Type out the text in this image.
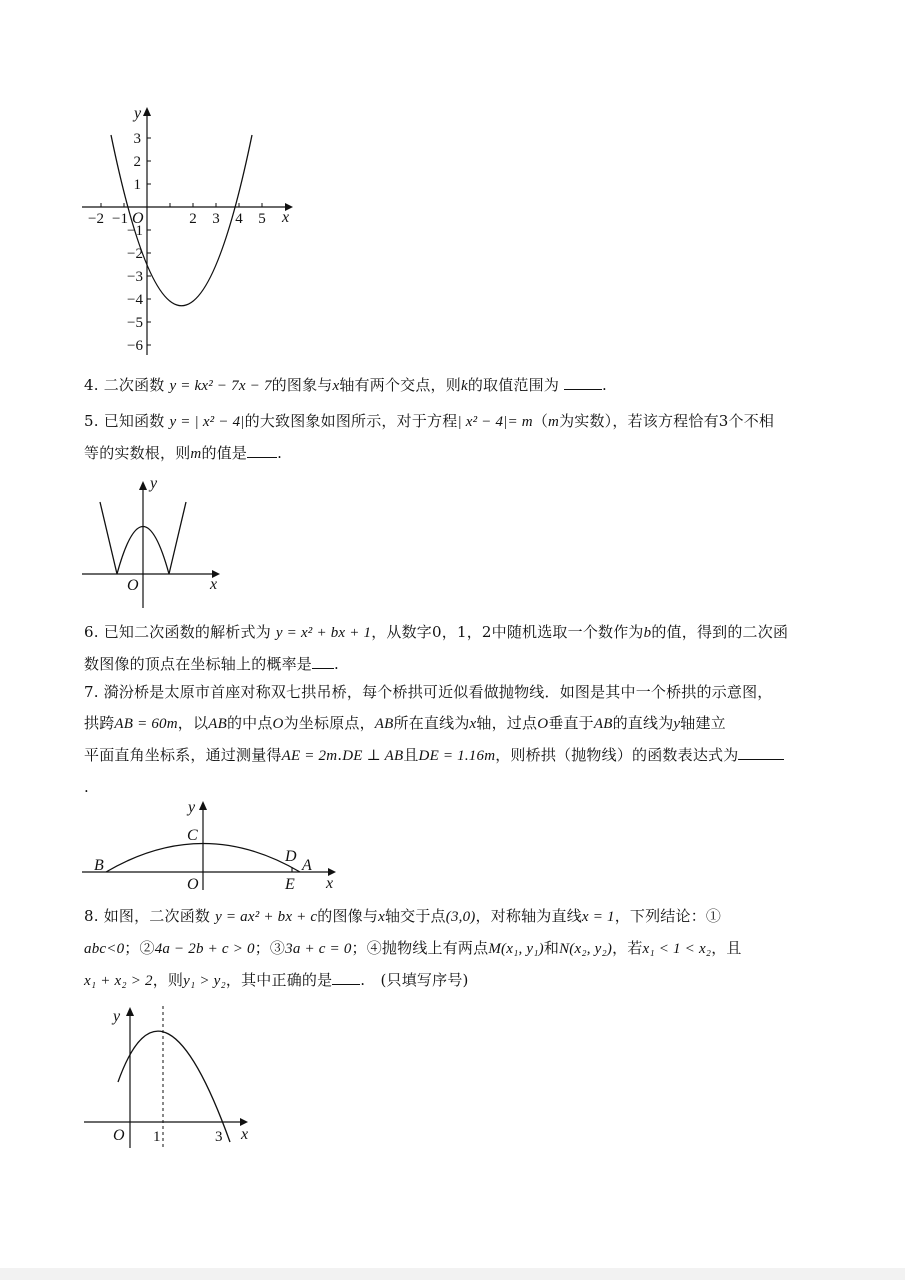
−2 −1 O	2 3 4 5 x
y
3
2
1
−1
−2
−3
−4
−5
−6
4. 二次函数 y = kx² − 7x − 7的图象与x轴有两个交点，则k的取值范围为	.
5. 已知函数 y = | x² − 4|的大致图象如图所示，对于方程| x² − 4|= m（m为实数），若该方程恰有3个不相
等的实数根，则m的值是 .
y
x
O
6. 已知二次函数的解析式为 y = x² + bx + 1，从数字0，1，2中随机选取一个数作为b的值，得到的二次函
数图像的顶点在坐标轴上的概率是 .
7. 漪汾桥是太原市首座对称双七拱吊桥，每个桥拱可近似看做抛物线．如图是其中一个桥拱的示意图，
拱跨AB = 60m，以AB的中点O为坐标原点，AB所在直线为x轴，过点O垂直于AB的直线为y轴建立
平面直角坐标系，通过测量得AE = 2m.DE ⊥ AB且DE = 1.16m，则桥拱（抛物线）的函数表达式为
.
y
x
C
B
D
A
E
O
8. 如图，二次函数 y = ax² + bx + c的图像与x轴交于点(3,0)，对称轴为直线x = 1，下列结论：①
abc<0；②4a − 2b + c > 0；③3a + c = 0；④抛物线上有两点M(x₁, y₁)和N(x₂, y₂)，若x₁ < 1 < x₂，且
x₁ + x₂ > 2，则y₁ > y₂，其中正确的是 .　(只填写序号)
y
x
O 1	3
